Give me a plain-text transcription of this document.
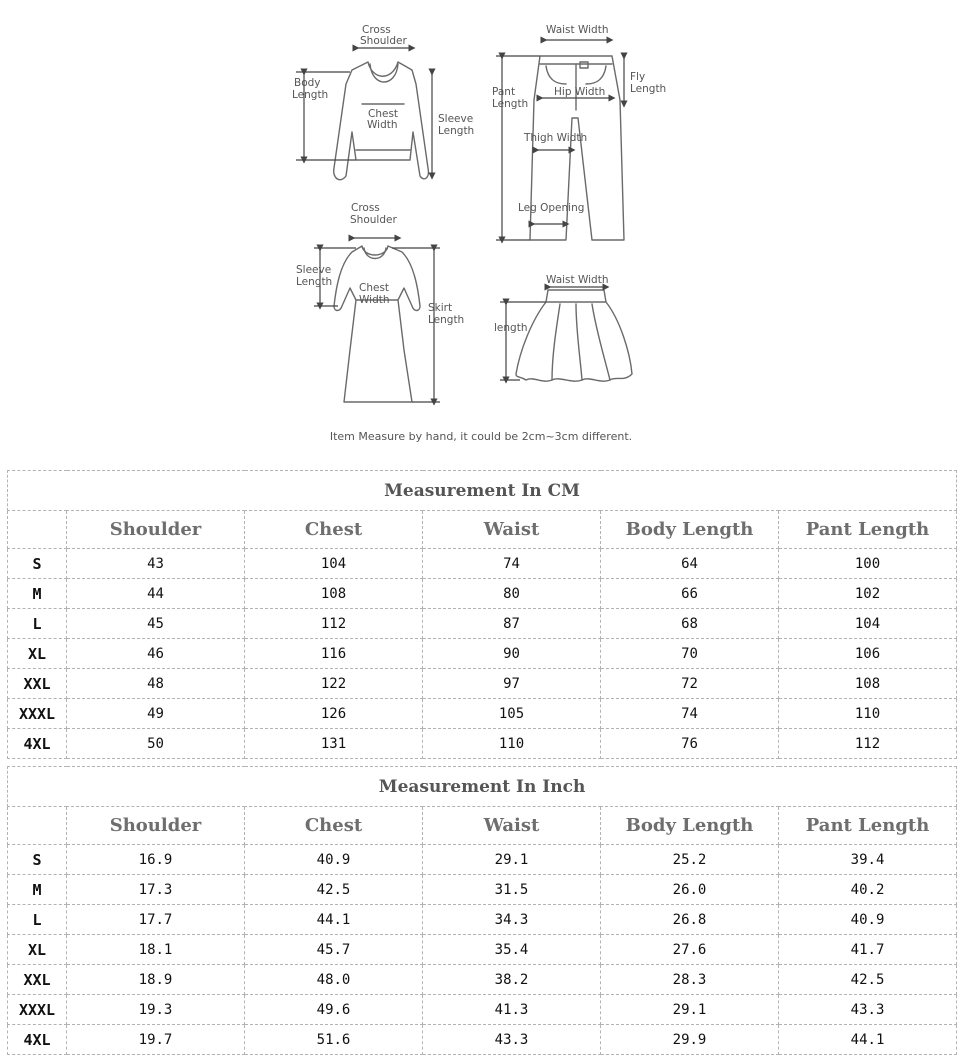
Cross
Shoulder
Body
Length
Chest
Width	Sleeve
Length
Waist Width
Pant
Length
Hip Width
Fly
Length
Thigh Width
Leg Opening
Cross
Shoulder
Sleeve
Length	Chest
Width
Skirt
Length
Waist Width
length
Item Measure by hand, it could be 2cm~3cm different.
Measurement In CM					
	Shoulder	Chest	Waist	Body Length	Pant Length
S	43	104	74	64	100
M	44	108	80	66	102
L	45	112	87	68	104
XL	46	116	90	70	106
XXL	48	122	97	72	108
XXXL	49	126	105	74	110
4XL	50	131	110	76	112
Measurement In Inch					
	Shoulder	Chest	Waist	Body Length	Pant Length
S	16.9	40.9	29.1	25.2	39.4
M	17.3	42.5	31.5	26.0	40.2
L	17.7	44.1	34.3	26.8	40.9
XL	18.1	45.7	35.4	27.6	41.7
XXL	18.9	48.0	38.2	28.3	42.5
XXXL	19.3	49.6	41.3	29.1	43.3
4XL	19.7	51.6	43.3	29.9	44.1
